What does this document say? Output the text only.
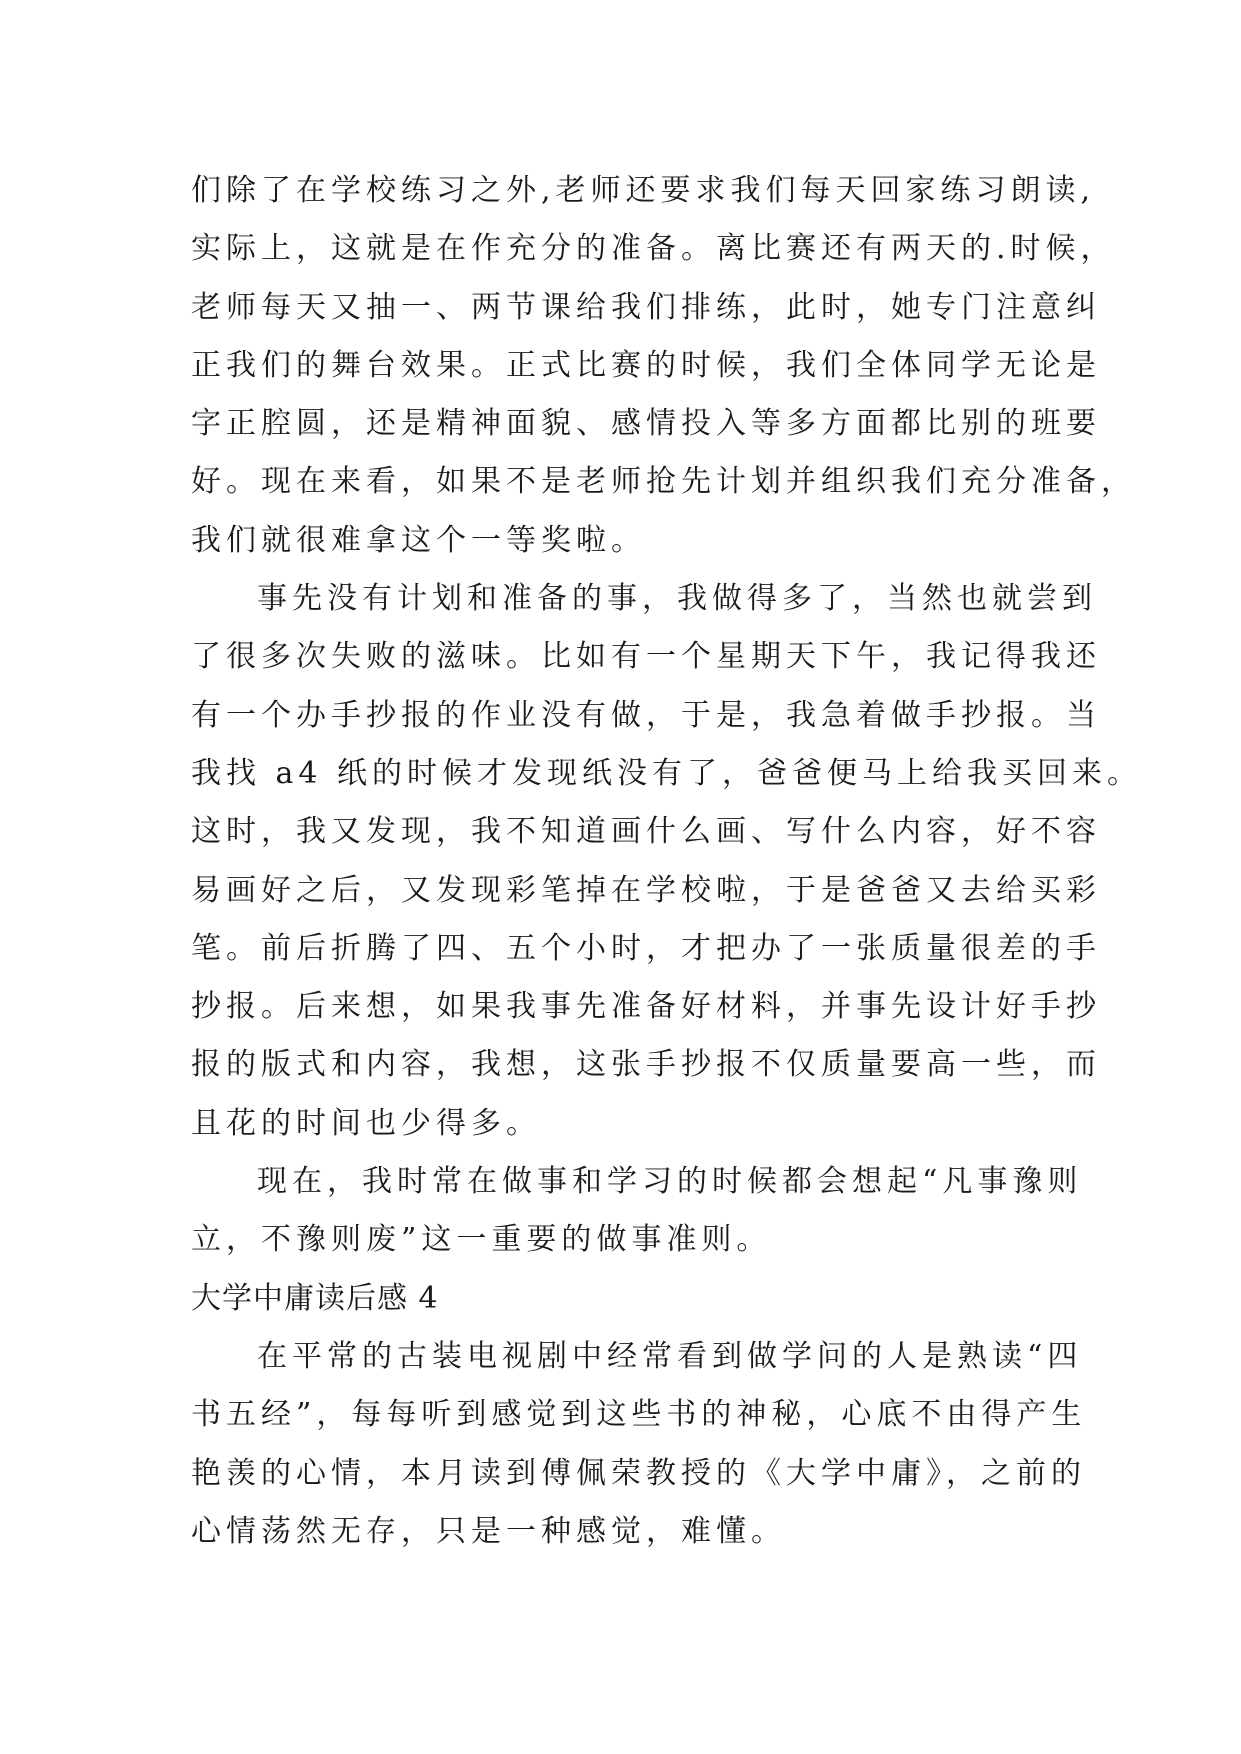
们除了在学校练习之外,老师还要求我们每天回家练习朗读,
实际上，这就是在作充分的准备。离比赛还有两天的.时候，
老师每天又抽一、两节课给我们排练，此时，她专门注意纠
正我们的舞台效果。正式比赛的时候，我们全体同学无论是
字正腔圆，还是精神面貌、感情投入等多方面都比别的班要
好。现在来看，如果不是老师抢先计划并组织我们充分准备，
我们就很难拿这个一等奖啦。
事先没有计划和准备的事，我做得多了，当然也就尝到
了很多次失败的滋味。比如有一个星期天下午，我记得我还
有一个办手抄报的作业没有做，于是，我急着做手抄报。当
我找 a4 纸的时候才发现纸没有了，爸爸便马上给我买回来。
这时，我又发现，我不知道画什么画、写什么内容，好不容
易画好之后，又发现彩笔掉在学校啦，于是爸爸又去给买彩
笔。前后折腾了四、五个小时，才把办了一张质量很差的手
抄报。后来想，如果我事先准备好材料，并事先设计好手抄
报的版式和内容，我想，这张手抄报不仅质量要高一些，而
且花的时间也少得多。
现在，我时常在做事和学习的时候都会想起“凡事豫则
立，不豫则废”这一重要的做事准则。
大学中庸读后感 4
在平常的古装电视剧中经常看到做学问的人是熟读“四
书五经”，每每听到感觉到这些书的神秘，心底不由得产生
艳羡的心情，本月读到傅佩荣教授的《大学中庸》，之前的
心情荡然无存，只是一种感觉，难懂。
